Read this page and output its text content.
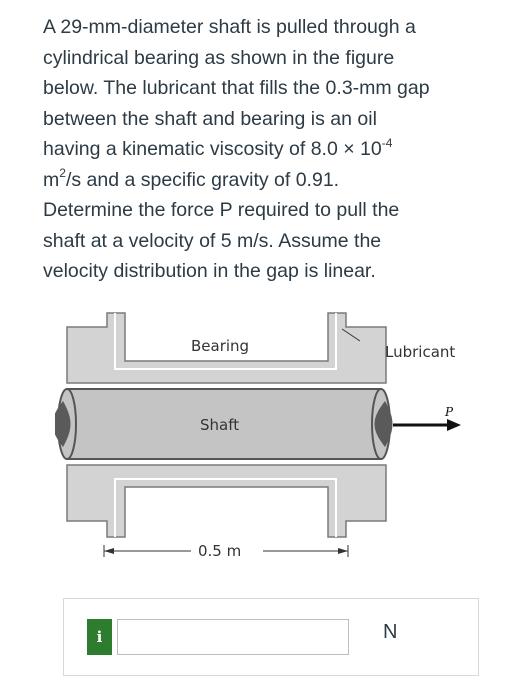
A 29-mm-diameter shaft is pulled through a
cylindrical bearing as shown in the figure
below. The lubricant that fills the 0.3-mm gap
between the shaft and bearing is an oil
having a kinematic viscosity of $8.0 \times 10^{-4}$
$m^2/s$ and a specific gravity of 0.91.
Determine the force P required to pull the
shaft at a velocity of 5 m/s. Assume the
velocity distribution in the gap is linear.
Bearing	Lubricant
Shaft
P
0.5 m
i	N
